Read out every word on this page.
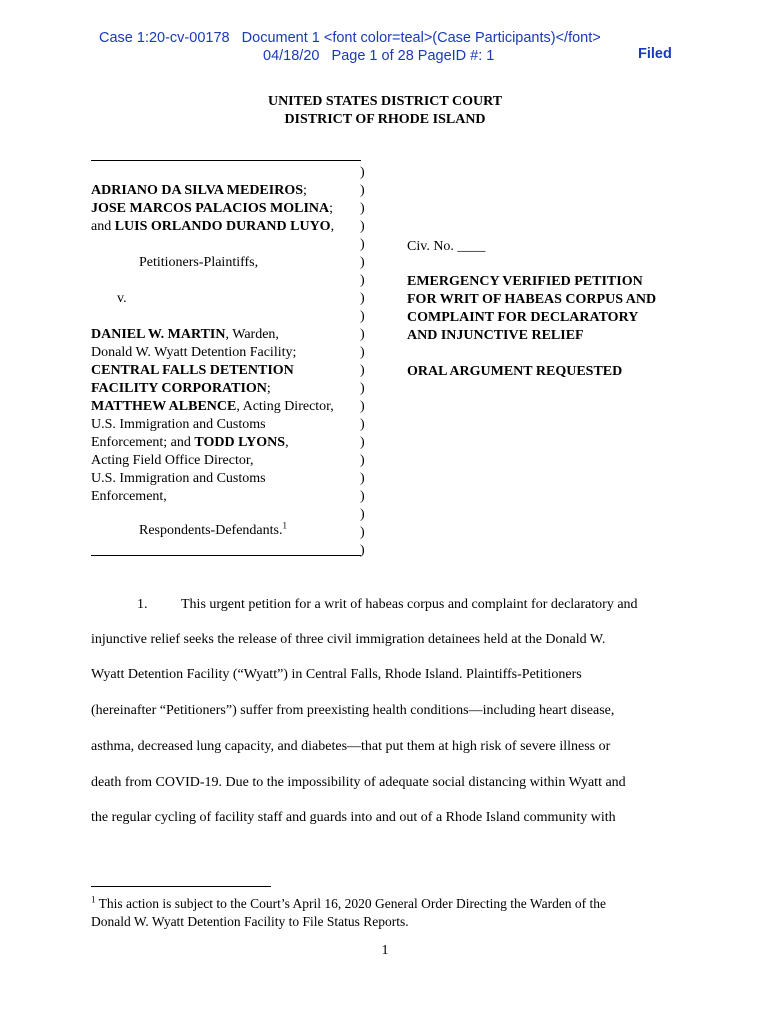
Case 1:20-cv-00178   Document 1 <font color=teal>(Case Participants)</font>

Filed

04/18/20   Page 1 of 28 PageID #: 1

UNITED STATES DISTRICT COURT
DISTRICT OF RHODE ISLAND
ADRIANO DA SILVA MEDEIROS;
JOSE MARCOS PALACIOS MOLINA;
and LUIS ORLANDO DURAND LUYO,
Petitioners-Plaintiffs,
v.
DANIEL W. MARTIN, Warden,
Donald W. Wyatt Detention Facility;
CENTRAL FALLS DETENTION
FACILITY CORPORATION;
MATTHEW ALBENCE, Acting Director,
U.S. Immigration and Customs
Enforcement; and TODD LYONS,
Acting Field Office Director,
U.S. Immigration and Customs
Enforcement,
Respondents-Defendants.$^1$
)
)
)
)
)
)
)
)
)
)
)
)
)
)
)
)
)
)
)
)
)
)
Civ. No. ____
EMERGENCY VERIFIED PETITION
FOR WRIT OF HABEAS CORPUS AND
COMPLAINT FOR DECLARATORY
AND INJUNCTIVE RELIEF
ORAL ARGUMENT REQUESTED
1. This urgent petition for a writ of habeas corpus and complaint for declaratory and
injunctive relief seeks the release of three civil immigration detainees held at the Donald W.
Wyatt Detention Facility (“Wyatt”) in Central Falls, Rhode Island. Plaintiffs-Petitioners
(hereinafter “Petitioners”) suffer from preexisting health conditions—including heart disease,
asthma, decreased lung capacity, and diabetes—that put them at high risk of severe illness or
death from COVID-19. Due to the impossibility of adequate social distancing within Wyatt and
the regular cycling of facility staff and guards into and out of a Rhode Island community with
$^1$ This action is subject to the Court’s April 16, 2020 General Order Directing the Warden of the
Donald W. Wyatt Detention Facility to File Status Reports.
1
